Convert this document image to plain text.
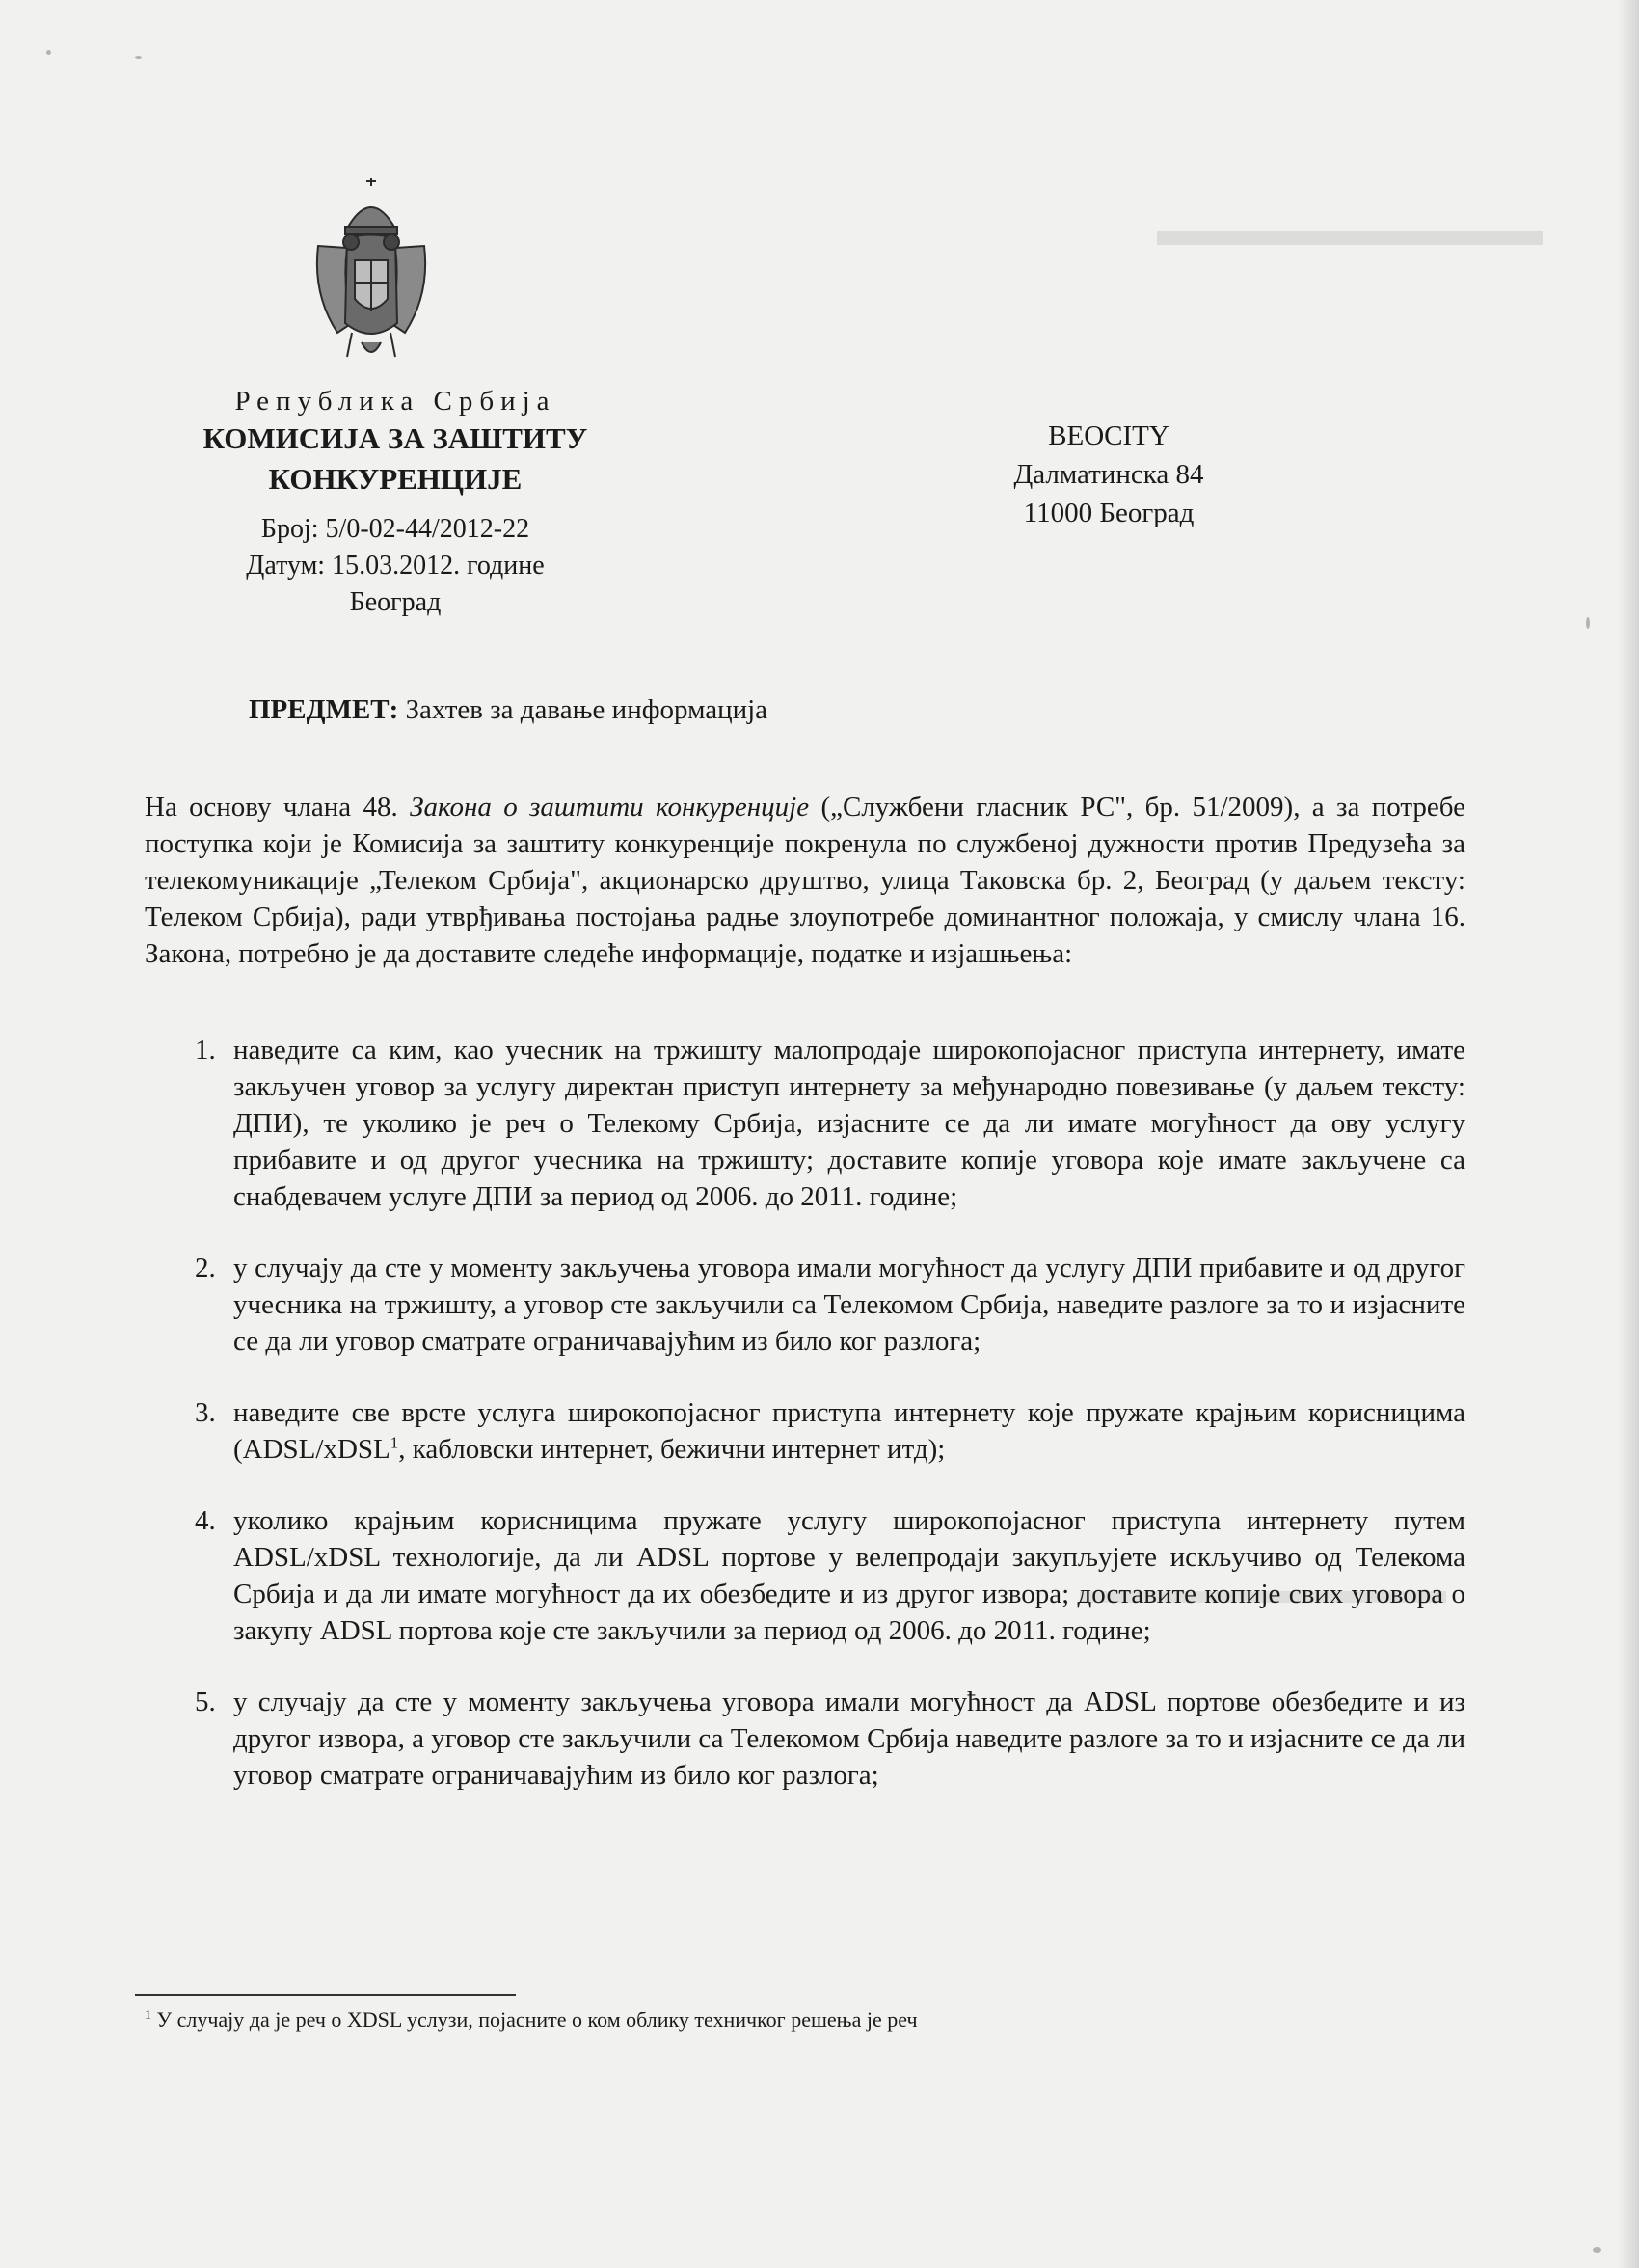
Република Србија
КОМИСИЈА ЗА ЗАШТИТУ
КОНКУРЕНЦИЈЕ
Број: 5/0-02-44/2012-22
Датум: 15.03.2012. године
Београд
BEOCITY
Далматинска 84
11000 Београд
ПРЕДМЕТ: Захтев за давање информација
На основу члана 48. Закона о заштити конкуренције („Службени гласник РС", бр. 51/2009), а за потребе поступка који је Комисија за заштиту конкуренције покренула по службеној дужности против Предузећа за телекомуникације „Телеком Србија", акционарско друштво, улица Таковска бр. 2, Београд (у даљем тексту: Телеком Србија), ради утврђивања постојања радње злоупотребе доминантног положаја, у смислу члана 16. Закона, потребно је да доставите следеће информације, податке и изјашњења:
1. наведите са ким, као учесник на тржишту малопродаје широкопојасног приступа интернету, имате закључен уговор за услугу директан приступ интернету за међународно повезивање (у даљем тексту: ДПИ), те уколико је реч о Телекому Србија, изјасните се да ли имате могућност да ову услугу прибавите и од другог учесника на тржишту; доставите копије уговора које имате закључене са снабдевачем услуге ДПИ за период од 2006. до 2011. године;
2. у случају да сте у моменту закључења уговора имали могућност да услугу ДПИ прибавите и од другог учесника на тржишту, а уговор сте закључили са Телекомом Србија, наведите разлоге за то и изјасните се да ли уговор сматрате ограничавајућим из било ког разлога;
3. наведите све врсте услуга широкопојасног приступа интернету које пружате крајњим корисницима (ADSL/xDSL$^1$, кабловски интернет, бежични интернет итд);
4. уколико крајњим корисницима пружате услугу широкопојасног приступа интернету путем ADSL/xDSL технологије, да ли ADSL портове у велепродаји закупљујете искључиво од Телекома Србија и да ли имате могућност да их обезбедите и из другог извора; доставите копије свих уговора о закупу ADSL портова које сте закључили за период од 2006. до 2011. године;
5. у случају да сте у моменту закључења уговора имали могућност да ADSL портове обезбедите и из другог извора, а уговор сте закључили са Телекомом Србија наведите разлоге за то и изјасните се да ли уговор сматрате ограничавајућим из било ког разлога;
$^1$ У случају да је реч о XDSL услузи, појасните о ком облику техничког решења је реч
